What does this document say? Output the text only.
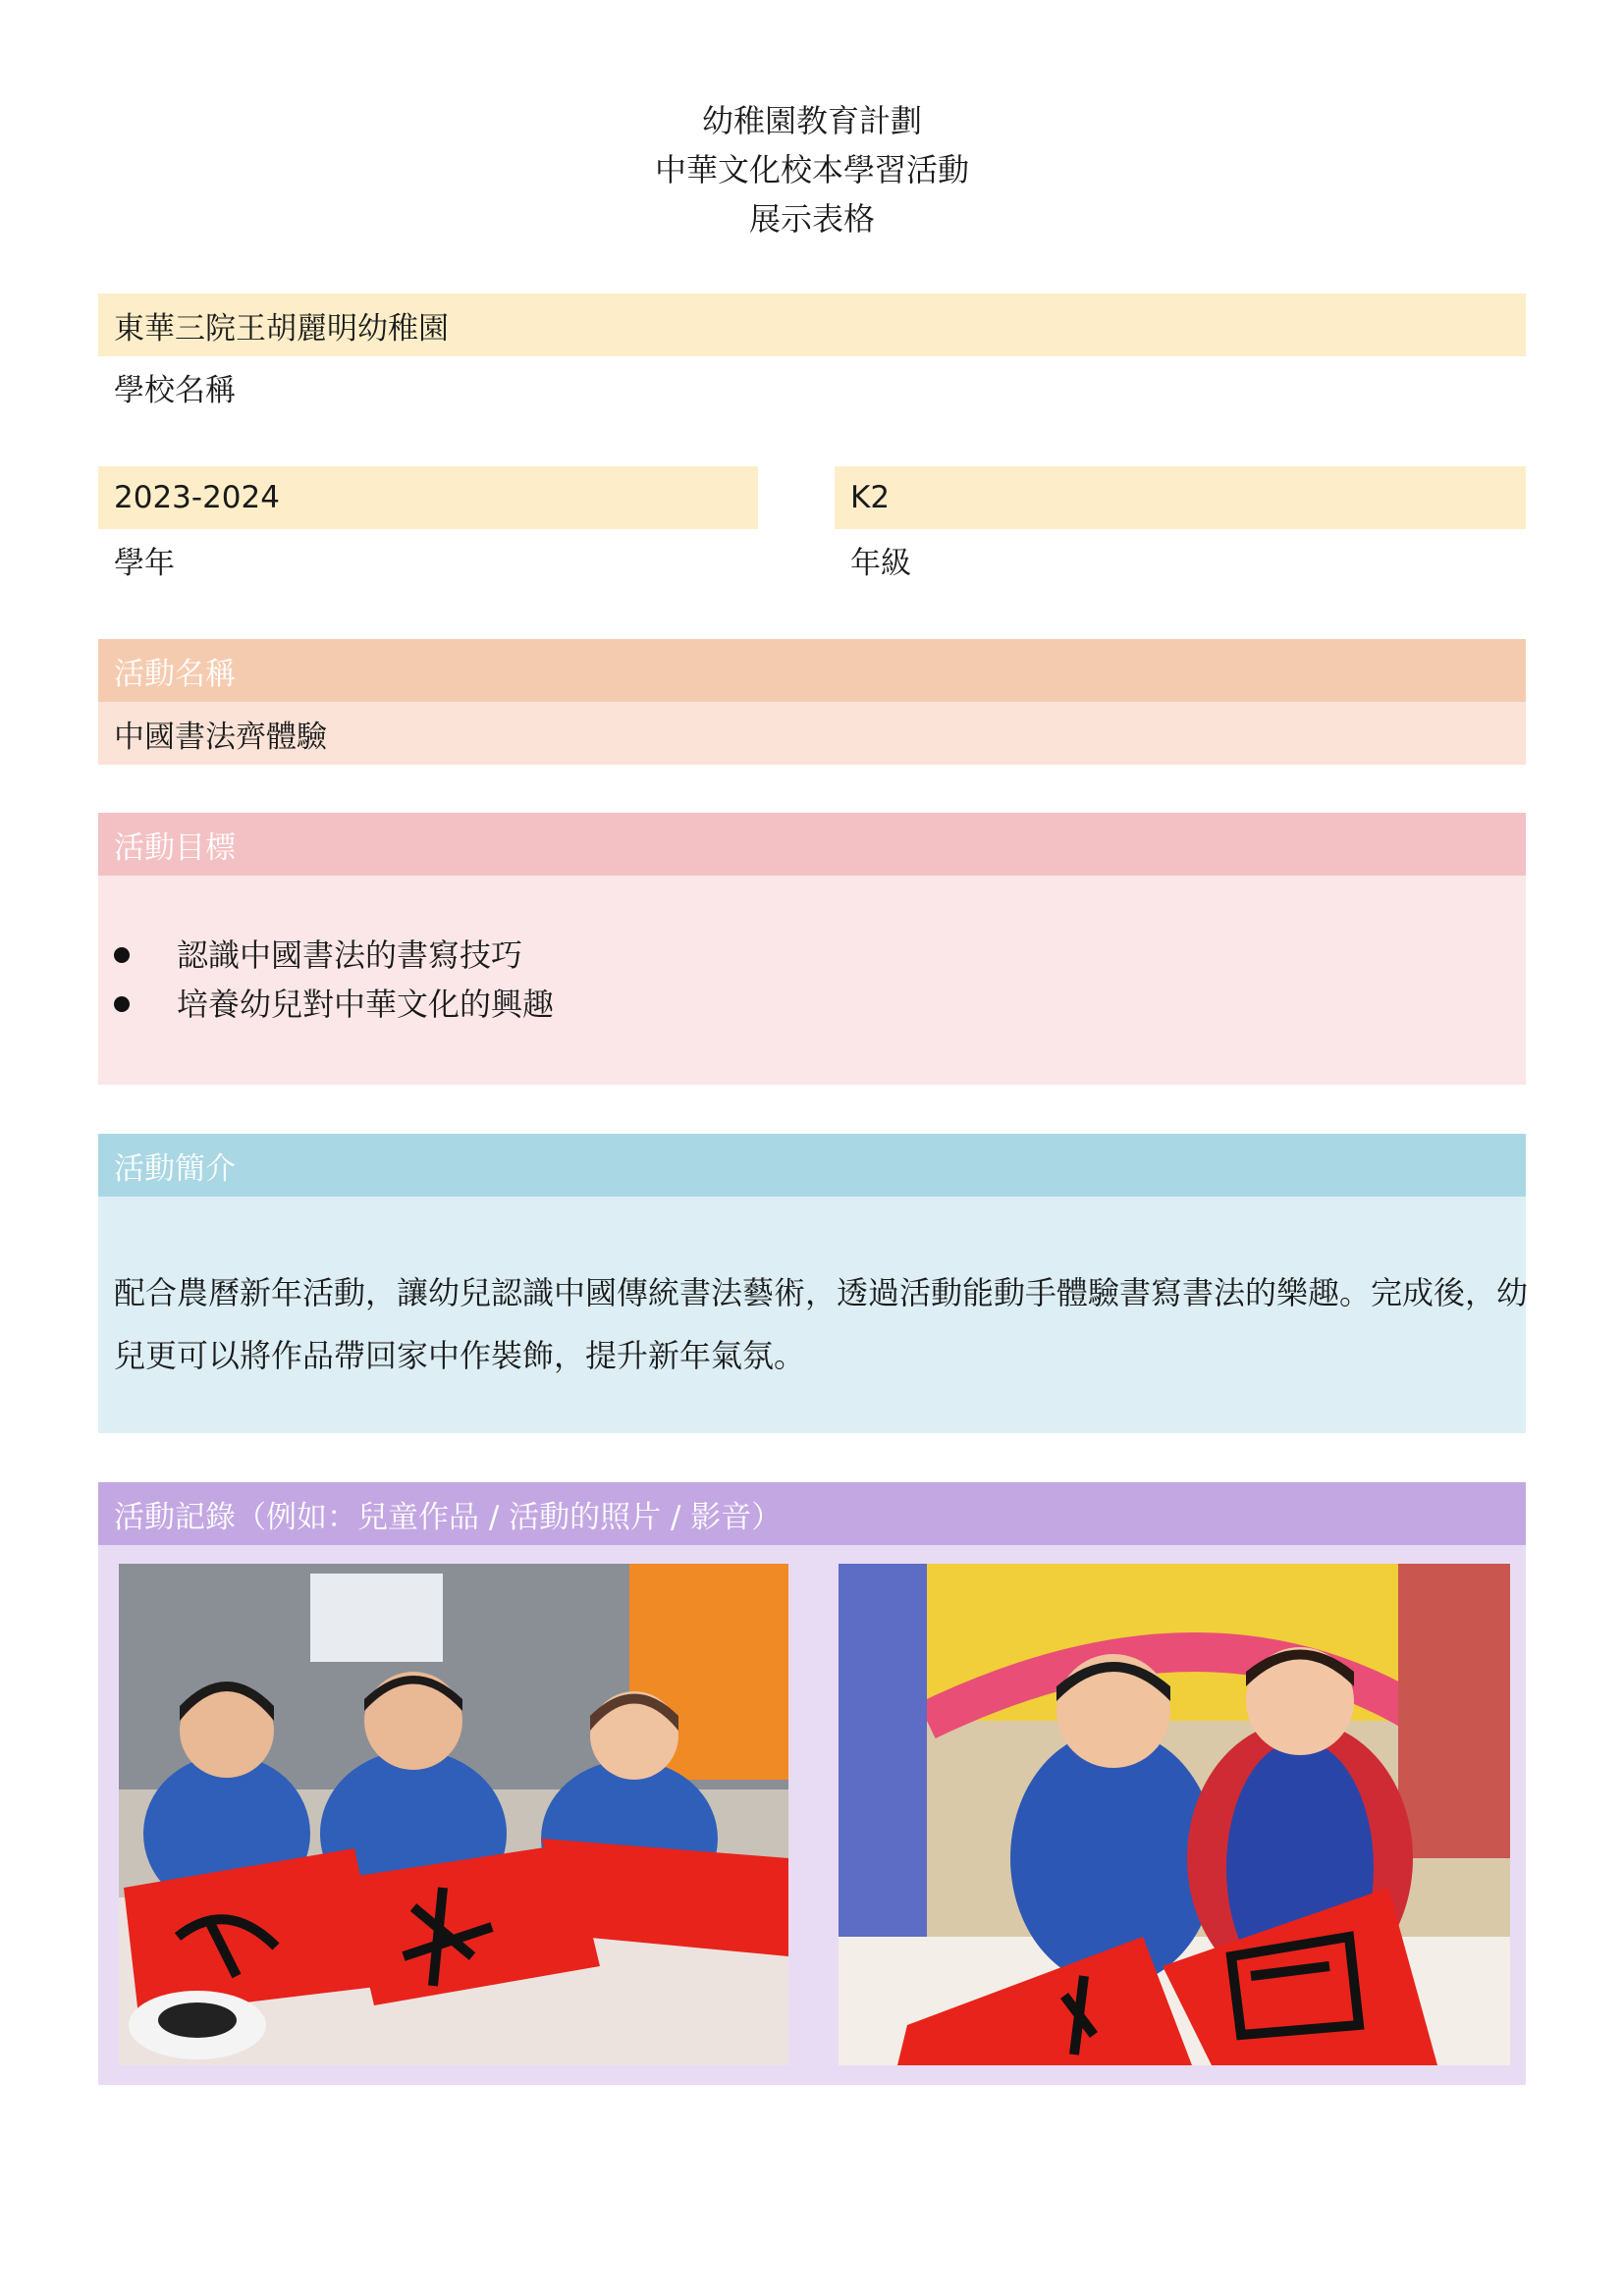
幼稚園教育計劃
中華文化校本學習活動
展示表格
東華三院王胡麗明幼稚園
學校名稱
2023-2024
學年
K2
年級
活動名稱
中國書法齊體驗
活動目標
認識中國書法的書寫技巧
培養幼兒對中華文化的興趣
活動簡介
配合農曆新年活動，讓幼兒認識中國傳統書法藝術，透過活動能動手體驗書寫書法的樂趣。完成後，幼兒更可以將作品帶回家中作裝飾，提升新年氣氛。
活動記錄（例如：兒童作品 / 活動的照片 / 影音）
